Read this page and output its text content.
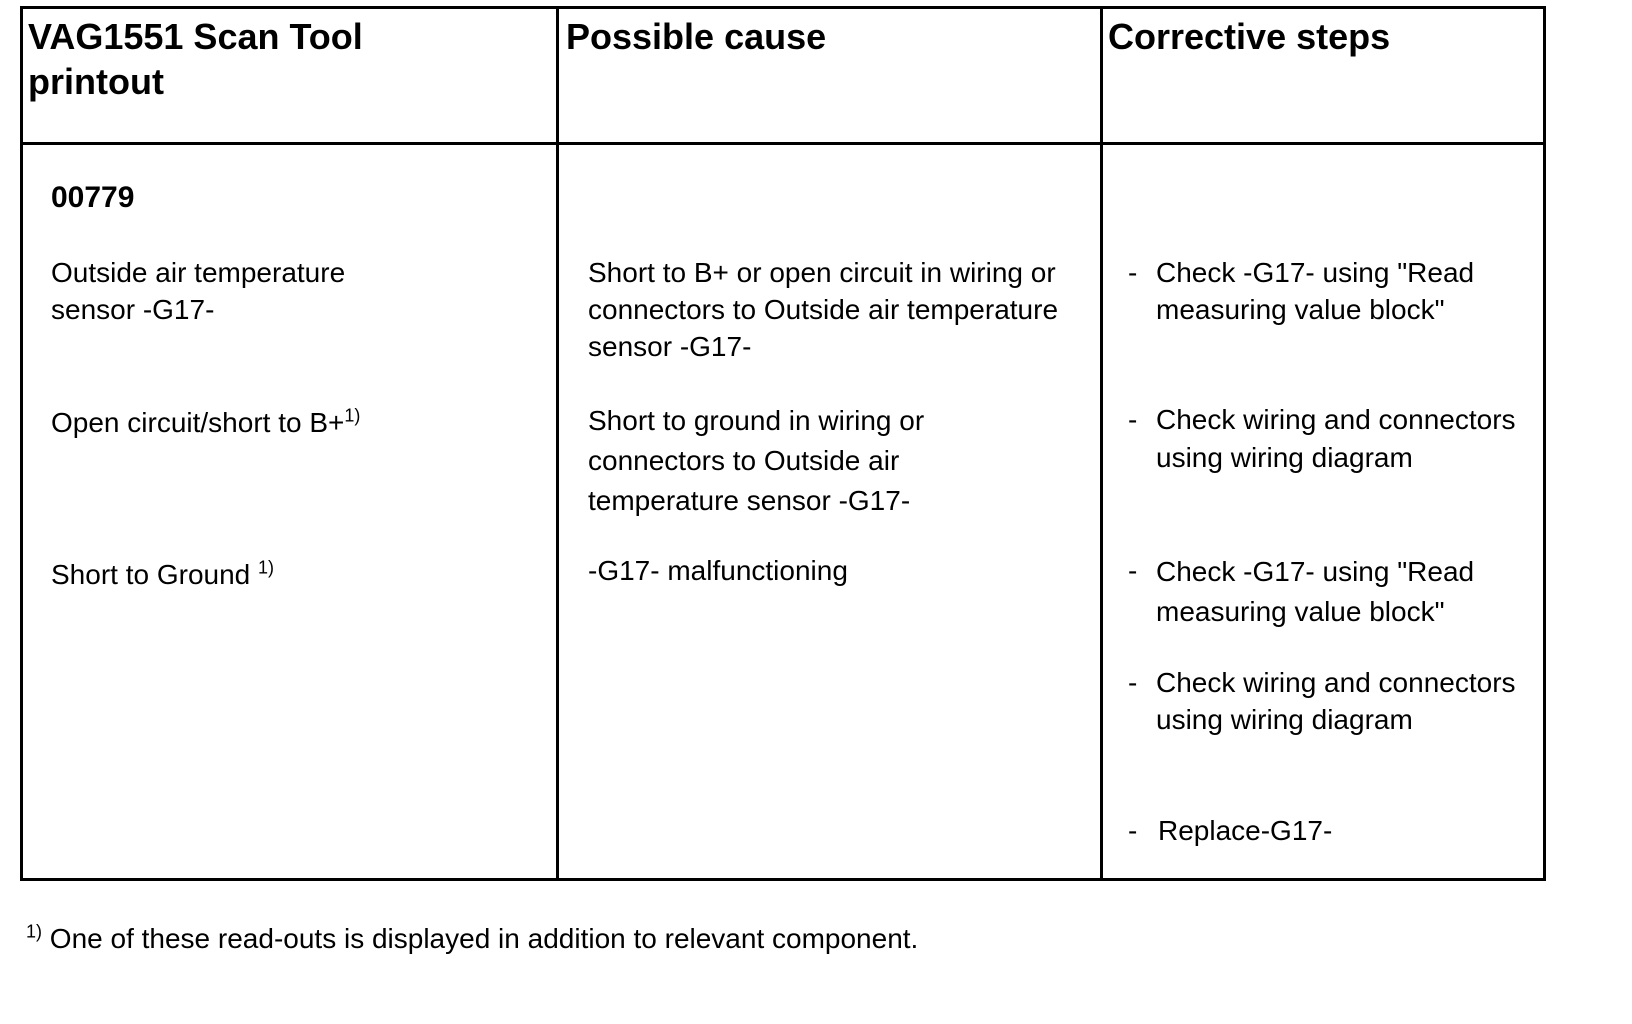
VAG1551 Scan Tool printout
Possible cause	Corrective steps
00779
Outside air temperature sensor -G17-
Open circuit/short to B+$^{1)}$
Short to Ground $^{1)}$
Short to B+ or open circuit in wiring or connectors to Outside air temperature sensor -G17-
Short to ground in wiring or connectors to Outside air temperature sensor -G17-
-G17- malfunctioning
- Check -G17- using "Read measuring value block"
- Check wiring and connectors using wiring diagram
- Check -G17- using "Read measuring value block"
- Check wiring and connectors using wiring diagram
- Replace-G17-
$^{1)}$ One of these read-outs is displayed in addition to relevant component.
